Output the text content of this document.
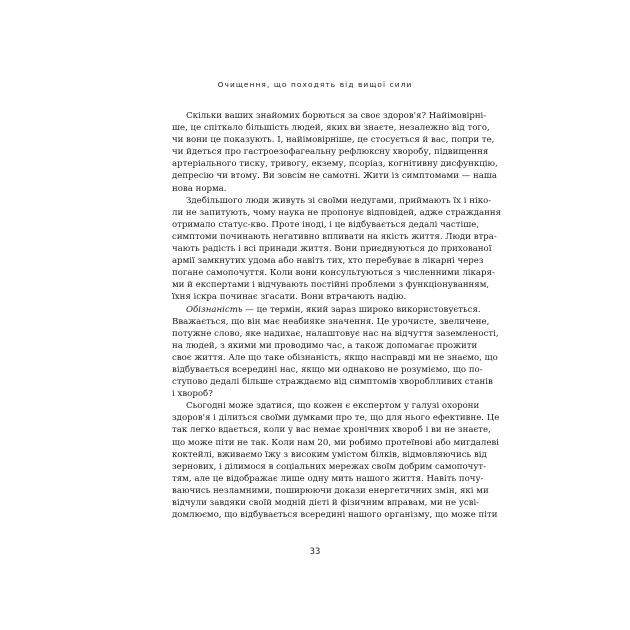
Очищення, що походять від вищої сили
Скільки ваших знайомих борються за своє здоров'я? Найімовірні-
ше, це спіткало більшість людей, яких ви знаєте, незалежно від того,
чи вони це показують. І, найімовірніше, це стосується й вас, попри те,
чи йдеться про гастроезофагеальну рефлюксну хворобу, підвищення
артеріального тиску, тривогу, екзему, псоріаз, когнітивну дисфункцію,
депресію чи втому. Ви зовсім не самотні. Жити із симптомами — наша
нова норма.
Здебільшого люди живуть зі своїми недугами, приймають їх і ніко-
ли не запитують, чому наука не пропонує відповідей, адже страждання
отримало статус-кво. Проте іноді, і це відбувається дедалі частіше,
симптоми починають негативно впливати на якість життя. Люди втра-
чають радість і всі принади життя. Вони приєднуються до прихованої
армії замкнутих удома або навіть тих, хто перебуває в лікарні через
погане самопочуття. Коли вони консультуються з численними лікаря-
ми й експертами і відчувають постійні проблеми з функціонуванням,
їхня іскра починає згасати. Вони втрачають надію.
Обізнаність — це термін, який зараз широко використовується.
Вважається, що він має неабияке значення. Це урочисте, звеличене,
потужне слово, яке надихає, налаштовує нас на відчуття заземленості,
на людей, з якими ми проводимо час, а також допомагає прожити
своє життя. Але що таке обізнаність, якщо насправді ми не знаємо, що
відбувається всередині нас, якщо ми однаково не розуміємо, що по-
ступово дедалі більше страждаємо від симптомів хвороблливих станів
і хвороб?
Сьогодні може здатися, що кожен є експертом у галузі охорони
здоров'я і ділиться своїми думками про те, що для нього ефективне. Це
так легко вдається, коли у вас немає хронічних хвороб і ви не знаєте,
що може піти не так. Коли нам 20, ми робимо протеїнові або мигдалеві
коктейлі, вживаємо їжу з високим умістом білків, відмовляючись від
зернових, і ділимося в соціальних мережах своїм добрим самопочут-
тям, але це відображає лише одну мить нашого життя. Навіть почу-
ваючись незламними, поширюючи докази енергетичних змін, які ми
відчули завдяки своїй модній дієті й фізичним вправам, ми не усві-
домлюємо, що відбувається всередині нашого організму, що може піти
33
